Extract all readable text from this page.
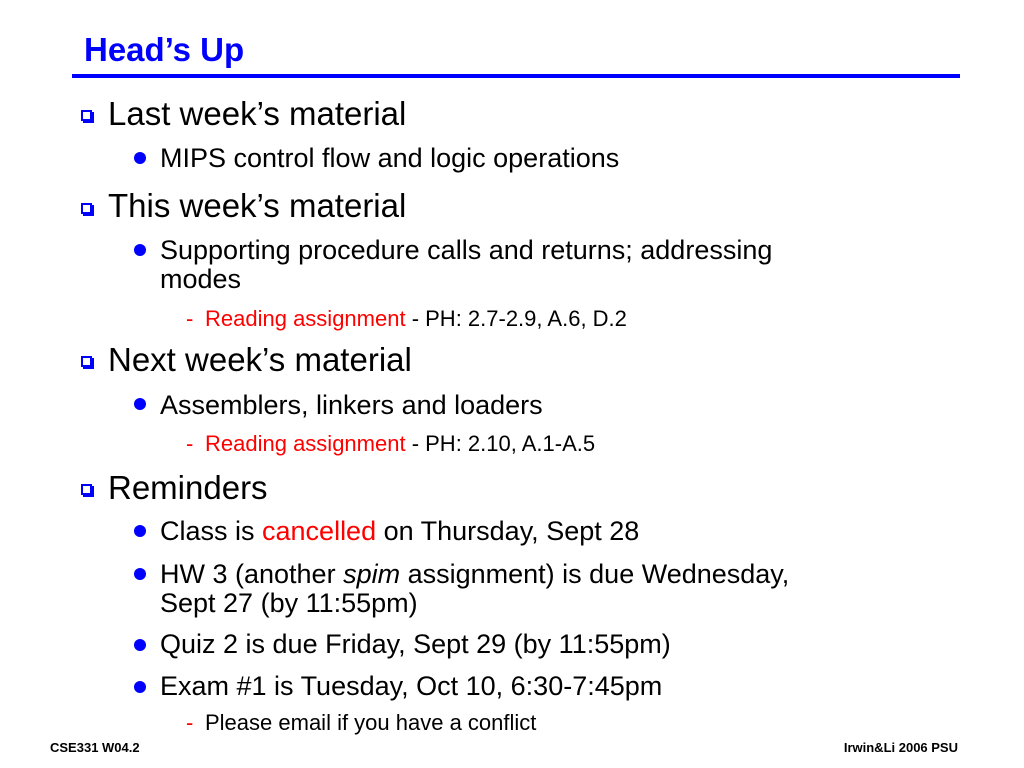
Head’s Up
Last week’s material
MIPS control flow and logic operations
This week’s material
Supporting procedure calls and returns; addressing
modes
- Reading assignment - PH: 2.7-2.9, A.6, D.2
Next week’s material
Assemblers, linkers and loaders
- Reading assignment - PH: 2.10, A.1-A.5
Reminders
Class is cancelled on Thursday, Sept 28
HW 3 (another spim assignment) is due Wednesday,
Sept 27 (by 11:55pm)
Quiz 2 is due Friday, Sept 29 (by 11:55pm)
Exam #1 is Tuesday, Oct 10, 6:30-7:45pm
- Please email if you have a conflict
CSE331 W04.2	Irwin&Li 2006 PSU
